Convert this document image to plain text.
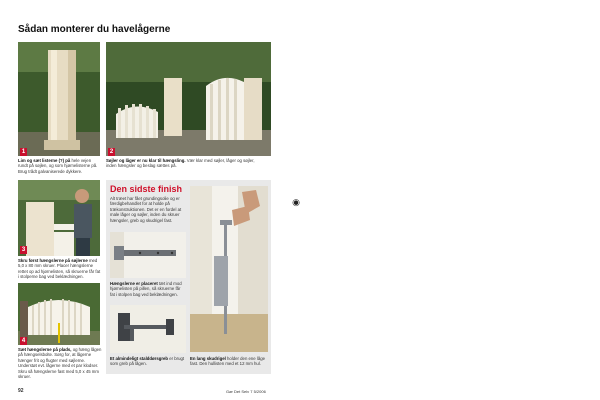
Sådan monterer du havelågerne
1	2
Lim og sæt listerne (?) på hele vejen rundt på søjlen, og som hjørnelisterne på. Brug trådt galvaniserede dykkere.
Søjler og låger er nu klar til hængsling. Vær klar med søjler, låger og søjler, inden hængsler og beslag sættes på.
3
Skru først hængslerne på søjlerne med 5,0 x 80 mm skruer. Placer hængslerne rettet op ad hjørnelisten, så skruerne får fat i stolperne bag ved beklædningen.
4
Sæt hængslerne på plads, og hæng lågen på hængselsbolte. Sørg for, at lågerne hænger frit og flugter med søjlerne. Understøt evt. lågerne med et par klodser. Skru så hængslerne fast med 5,0 x 45 mm skruer.
Den sidste finish
Alt træet har fået grundingsolie og er færdigbehandlet for at holde på trækonstruktionen. Det er en fordel at male låger og søjler, inden du skruer hængsler, greb og skudrigel fast.
Hængslerne er placeret tæt ind mod hjørnelisten på pillen, så skruerne får fat i stolpen bag ved beklædningen.
Et almindeligt stalddørsgreb er brugt som greb på lågen.
En lang skudrigel holder den ene låge fast. Den hullisten med et 12 mm hul.
◉
92	Gør Det Selv 7 5/2006
